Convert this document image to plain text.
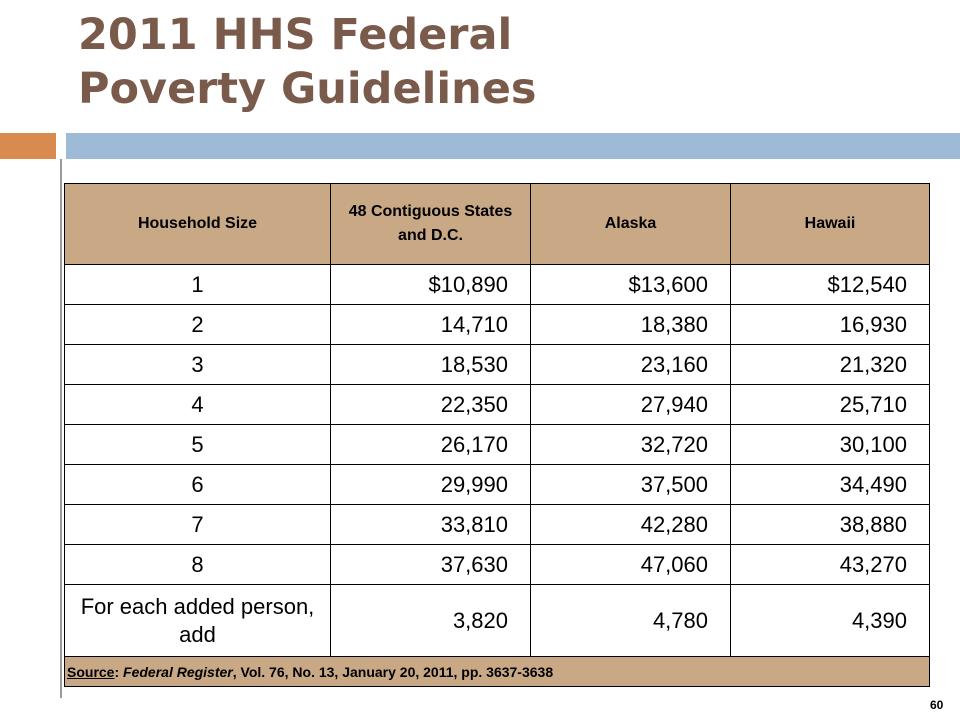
2011 HHS Federal
Poverty Guidelines
Household Size	48 Contiguous States and D.C.	Alaska	Hawaii
1	$10,890	$13,600	$12,540
2	14,710	18,380	16,930
3	18,530	23,160	21,320
4	22,350	27,940	25,710
5	26,170	32,720	30,100
6	29,990	37,500	34,490
7	33,810	42,280	38,880
8	37,630	47,060	43,270
For each added person, add	3,820	4,780	4,390
Source: Federal Register, Vol. 76, No. 13, January 20, 2011, pp. 3637-3638			
60
